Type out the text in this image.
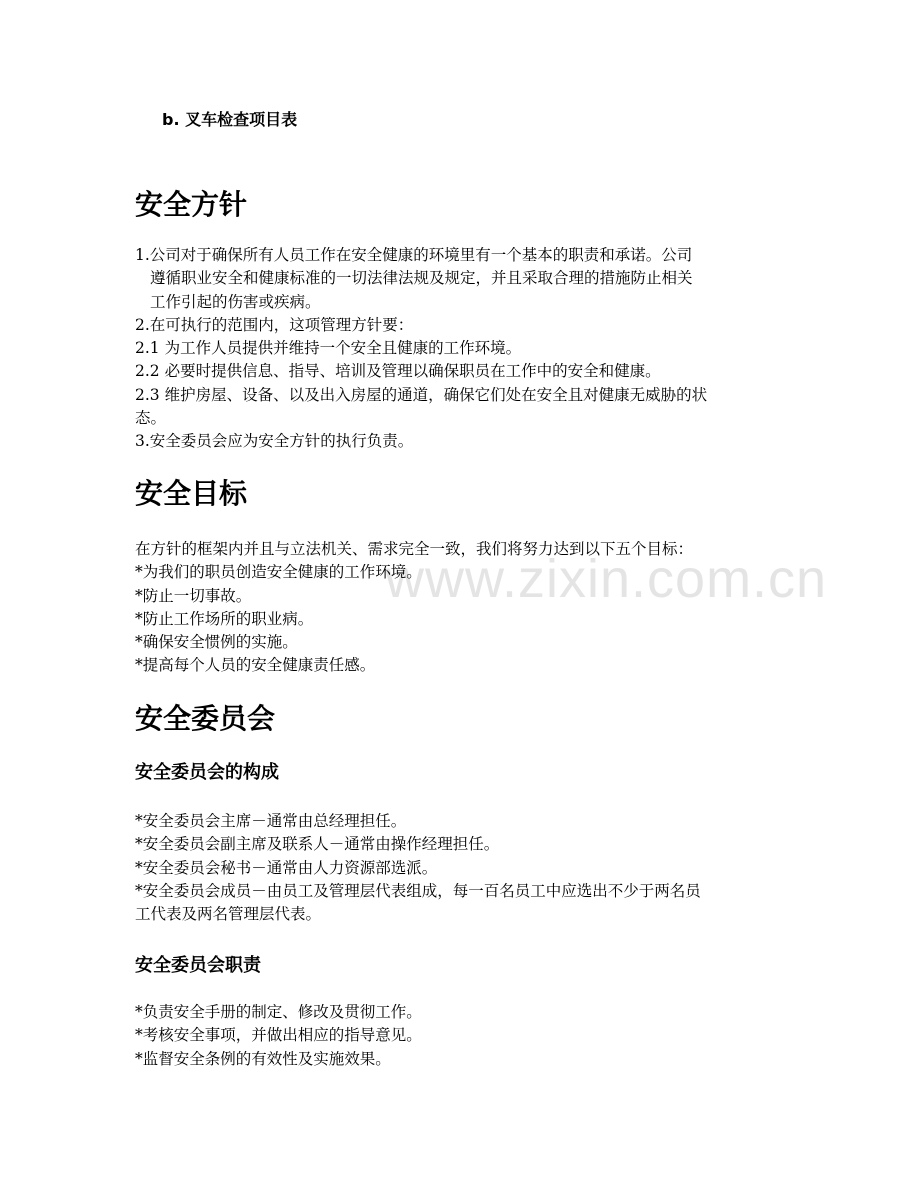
www.zixin.com.cn
b. 叉车检查项目表
安全方针
1.公司对于确保所有人员工作在安全健康的环境里有一个基本的职责和承诺。公司
遵循职业安全和健康标准的一切法律法规及规定，并且采取合理的措施防止相关
工作引起的伤害或疾病。
2.在可执行的范围内，这项管理方针要：
2.1 为工作人员提供并维持一个安全且健康的工作环境。
2.2 必要时提供信息、指导、培训及管理以确保职员在工作中的安全和健康。
2.3 维护房屋、设备、以及出入房屋的通道，确保它们处在安全且对健康无威胁的状
态。
3.安全委员会应为安全方针的执行负责。
安全目标
在方针的框架内并且与立法机关、需求完全一致，我们将努力达到以下五个目标：
*为我们的职员创造安全健康的工作环境。
*防止一切事故。
*防止工作场所的职业病。
*确保安全惯例的实施。
*提高每个人员的安全健康责任感。
安全委员会
安全委员会的构成
*安全委员会主席－通常由总经理担任。
*安全委员会副主席及联系人－通常由操作经理担任。
*安全委员会秘书－通常由人力资源部选派。
*安全委员会成员－由员工及管理层代表组成，每一百名员工中应选出不少于两名员
工代表及两名管理层代表。
安全委员会职责
*负责安全手册的制定、修改及贯彻工作。
*考核安全事项，并做出相应的指导意见。
*监督安全条例的有效性及实施效果。
